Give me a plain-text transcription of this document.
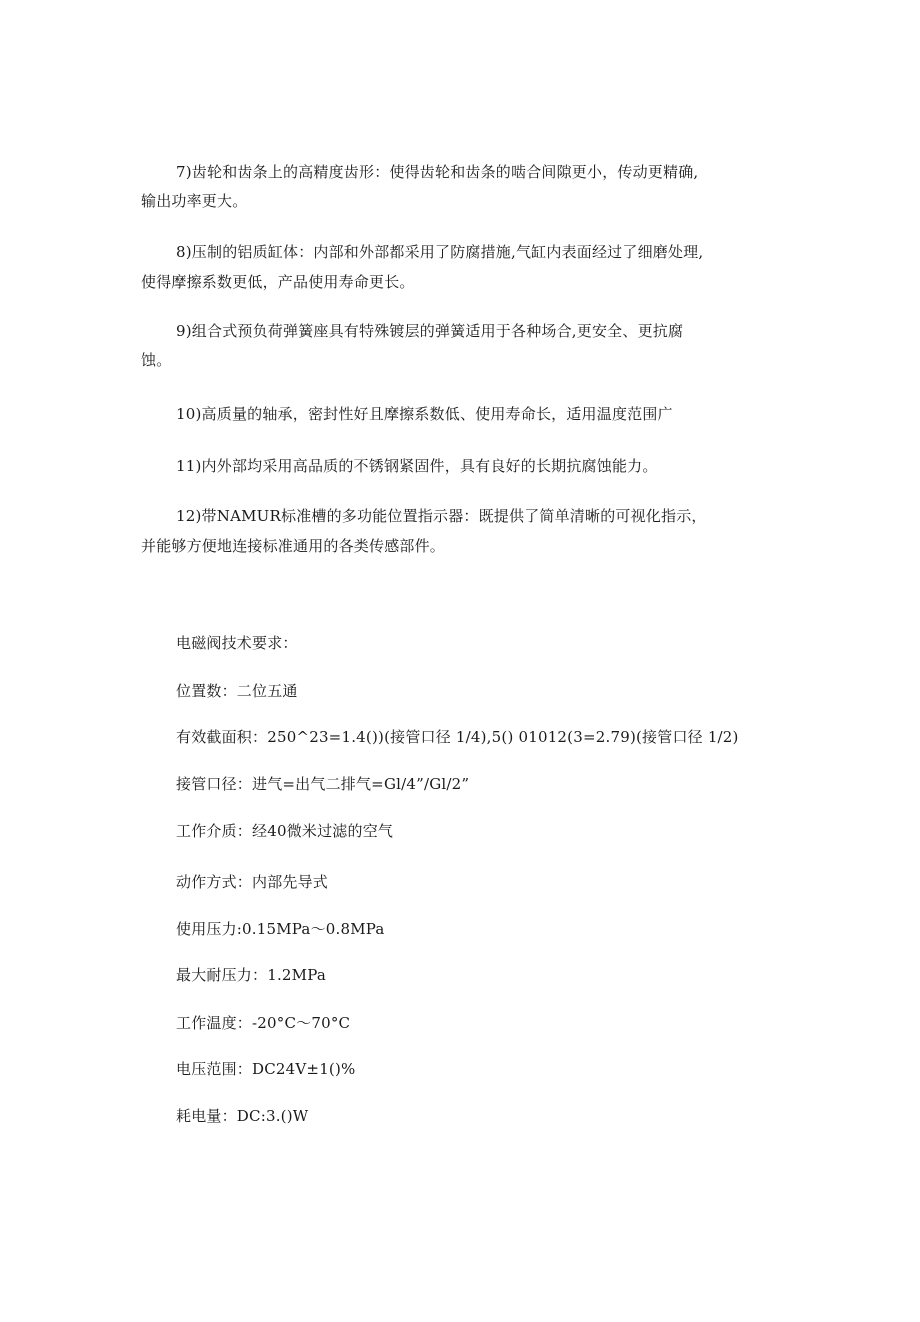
7)齿轮和齿条上的高精度齿形：使得齿轮和齿条的啮合间隙更小，传动更精确,
输出功率更大。
8)压制的铝质缸体：内部和外部都采用了防腐措施,气缸内表面经过了细磨处理,
使得摩擦系数更低，产品使用寿命更长。
9)组合式预负荷弹簧座具有特殊镀层的弹簧适用于各种场合,更安全、更抗腐
蚀。
10)高质量的轴承，密封性好且摩擦系数低、使用寿命长，适用温度范围广
11)内外部均采用高品质的不锈钢紧固件，具有良好的长期抗腐蚀能力。
12)带NAMUR标准槽的多功能位置指示器：既提供了简单清晰的可视化指示，
并能够方便地连接标准通用的各类传感部件。
电磁阀技术要求：
位置数：二位五通
有效截面积：250^23=1.4())(接管口径 1/4),5() 01012(3=2.79)(接管口径 1/2)
接管口径：进气=出气二排气=Gl/4”/Gl/2”
工作介质：经40微米过滤的空气
动作方式：内部先导式
使用压力:0.15MPa～0.8MPa
最大耐压力：1.2MPa
工作温度：-20°C～70°C
电压范围：DC24V±1()%
耗电量：DC:3.()W
